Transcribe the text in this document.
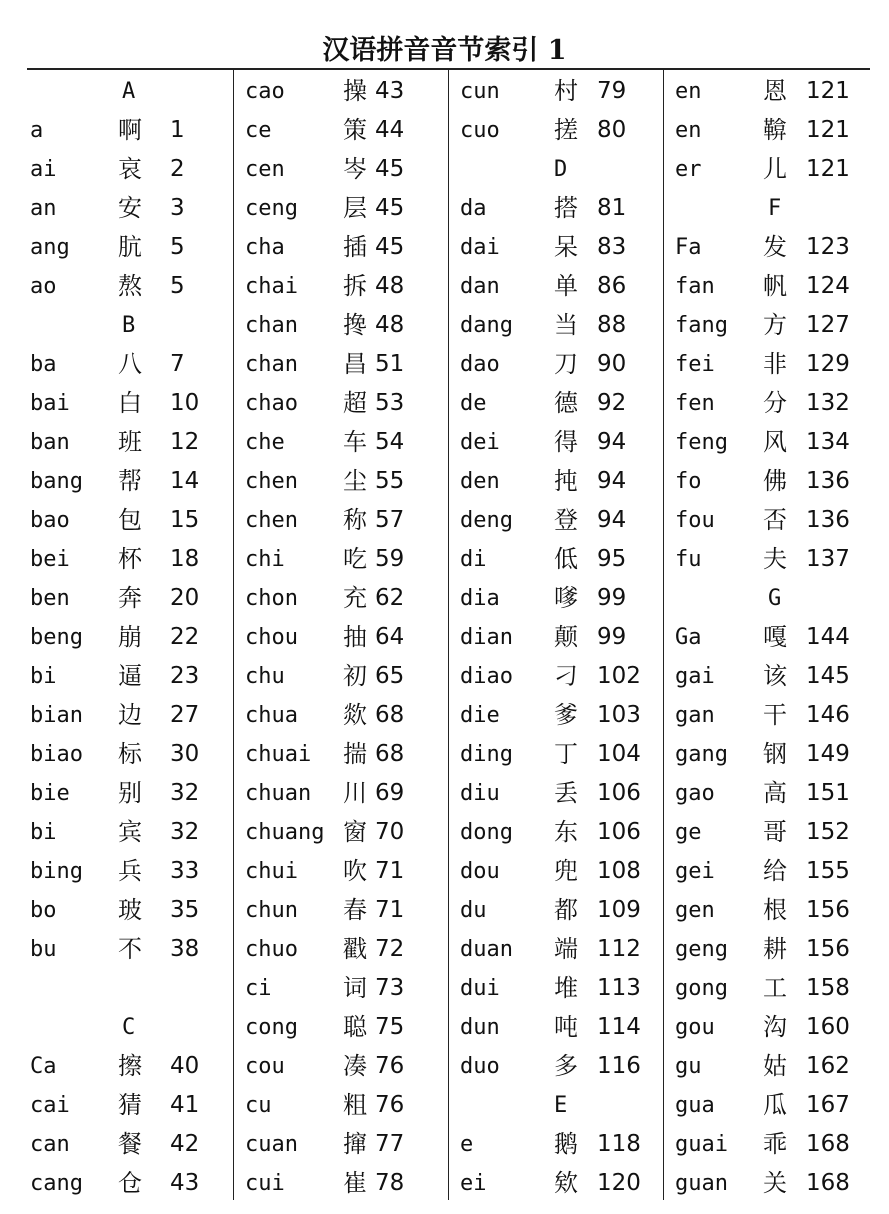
汉语拼音音节索引 1
A
a	啊 1
ai	哀 2
an	安 3
ang 肮 5
ao	熬 5
B
ba	八 7
bai 白 10
ban 班 12
bang 帮 14
bao 包 15
bei 杯 18
ben 奔 20
beng 崩 22
bi	逼 23
bian 边 27
biao 标 30
bie 别 32
bi	宾 32
bing 兵 33
bo	玻 35
bu	不 38
C
Ca	擦 40
cai 猜 41
can 餐 42
cang 仓 43
cao 操 43
ce	策 44
cen 岑 45
ceng 层 45
cha 插 45
chai 拆 48
chan 搀 48
chan 昌 51
chao 超 53
che 车 54
chen 尘 55
chen 称 57
chi 吃 59
chon 充 62
chou 抽 64
chu 初 65
chua 欻 68
chuai 揣 68
chuan 川 69
chuang 窗 70
chui 吹 71
chun 春 71
chuo 戳 72
ci	词 73
cong 聪 75
cou 凑 76
cu	粗 76
cuan 撺 77
cui 崔 78
cun 村 79
cuo 搓 80
D
da	搭 81
dai 呆 83
dan 单 86
dang 当 88
dao 刀 90
de	德 92
dei 得 94
den 扽 94
deng 登 94
di	低 95
dia 嗲 99
dian 颠 99
diao 刁 102
die 爹 103
ding 丁 104
diu 丢 106
dong 东 106
dou 兜 108
du	都 109
duan 端 112
dui 堆 113
dun 吨 114
duo 多 116
E
e	鹅 118
ei	欸 120
en	恩 121
en	鞥 121
er	儿 121
F
Fa	发 123
fan 帆 124
fang 方 127
fei 非 129
fen 分 132
feng 风 134
fo	佛 136
fou 否 136
fu	夫 137
G
Ga	嘎 144
gai 该 145
gan 干 146
gang 钢 149
gao 高 151
ge	哥 152
gei 给 155
gen 根 156
geng 耕 156
gong 工 158
gou 沟 160
gu	姑 162
gua 瓜 167
guai 乖 168
guan 关 168
